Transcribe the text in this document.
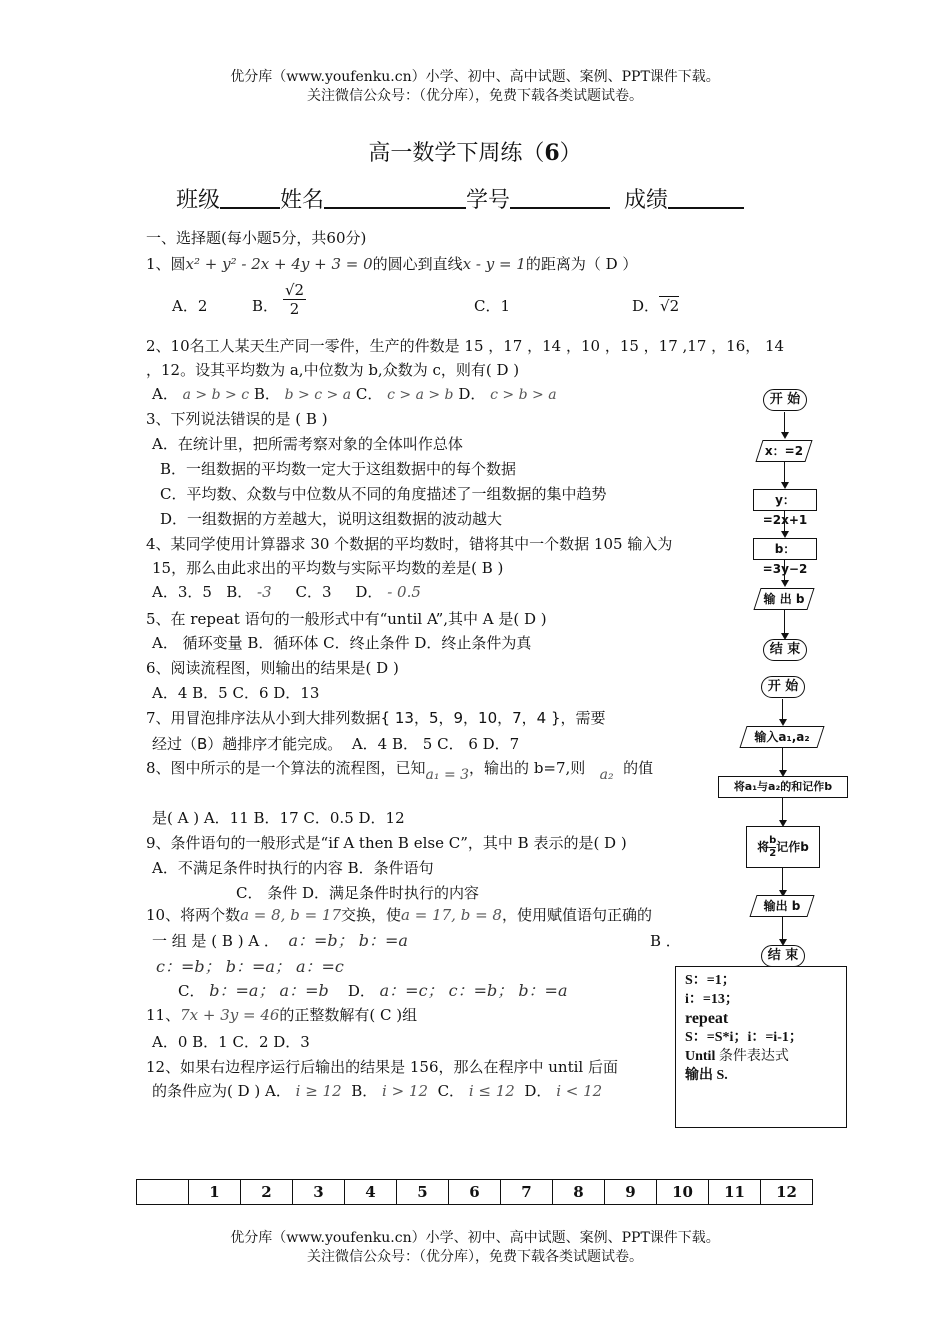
优分库（www.youfenku.cn）小学、初中、高中试题、案例、PPT课件下载。
关注微信公众号：（优分库），免费下载各类试题试卷。
高一数学下周练（6）
班级	姓名	学号	成绩
一、选择题(每小题5分，共60分)
1、圆x² + y² - 2x + 4y + 3 = 0的圆心到直线x - y = 1的距离为（ D ）
A．2	B． $\frac{√2}{2}$	C．1	D．√2
2、10名工人某天生产同一零件，生产的件数是 15 ，17 ，14 ，10 ，15 ，17 ,17 ，16， 14
，12。设其平均数为 a,中位数为 b,众数为 c，则有( D )
A． a > b > c B． b > c > a C． c > a > b D． c > b > a
3、下列说法错误的是 ( B )
A．在统计里，把所需考察对象的全体叫作总体
B．一组数据的平均数一定大于这组数据中的每个数据
C．平均数、众数与中位数从不同的角度描述了一组数据的集中趋势
D．一组数据的方差越大，说明这组数据的波动越大
4、某同学使用计算器求 30 个数据的平均数时，错将其中一个数据 105 输入为
15，那么由此求出的平均数与实际平均数的差是( B )
A．3．5 B． -3 C．3 D． - 0.5
5、在 repeat 语句的一般形式中有“until A”,其中 A 是( D )
A． 循环变量 B．循环体 C．终止条件 D．终止条件为真
6、阅读流程图，则输出的结果是( D )
A．4 B．5 C．6 D．13
7、用冒泡排序法从小到大排列数据{ 13，5，9，10，7，4 }，需要
经过（B）趟排序才能完成。 A．4 B． 5 C． 6 D．7
8、图中所示的是一个算法的流程图，已知a₁ = 3，输出的 b=7,则 a₂ 的值
是( A ) A．11 B．17 C．0.5 D．12
9、条件语句的一般形式是“if A then B else C”，其中 B 表示的是( D )
A．不满足条件时执行的内容 B．条件语句
C． 条件 D．满足条件时执行的内容
10、将两个数a = 8, b = 17交换，使a = 17, b = 8，使用赋值语句正确的
一 组 是 ( B ) A ． a：=b； b：=a	B ．
c：=b； b：=a； a：=c
C． b：=a； a：=b D． a：=c； c：=b； b：=a
11、7x + 3y = 46的正整数解有( C )组
A．0 B．1 C．2 D．3
12、如果右边程序运行后输出的结果是 156，那么在程序中 until 后面
的条件应为( D ) A． i ≥ 12 B． i > 12 C． i ≤ 12 D． i < 12
开 始
x：=2
y：=2x+1
b：=3y−2
输 出 b
结 束
开 始
输入a₁,a₂
将a₁与a₂的和记作b
将 $\frac{b}{2}$ 记作b
输出 b
结 束
S：=1；
i：=13；
repeat
S：=S*i；i：=i-1；
Until 条件表达式
输出 S.
	1	2	3	4	5	6	7	8	9	10	11	12
优分库（www.youfenku.cn）小学、初中、高中试题、案例、PPT课件下载。
关注微信公众号：（优分库），免费下载各类试题试卷。
